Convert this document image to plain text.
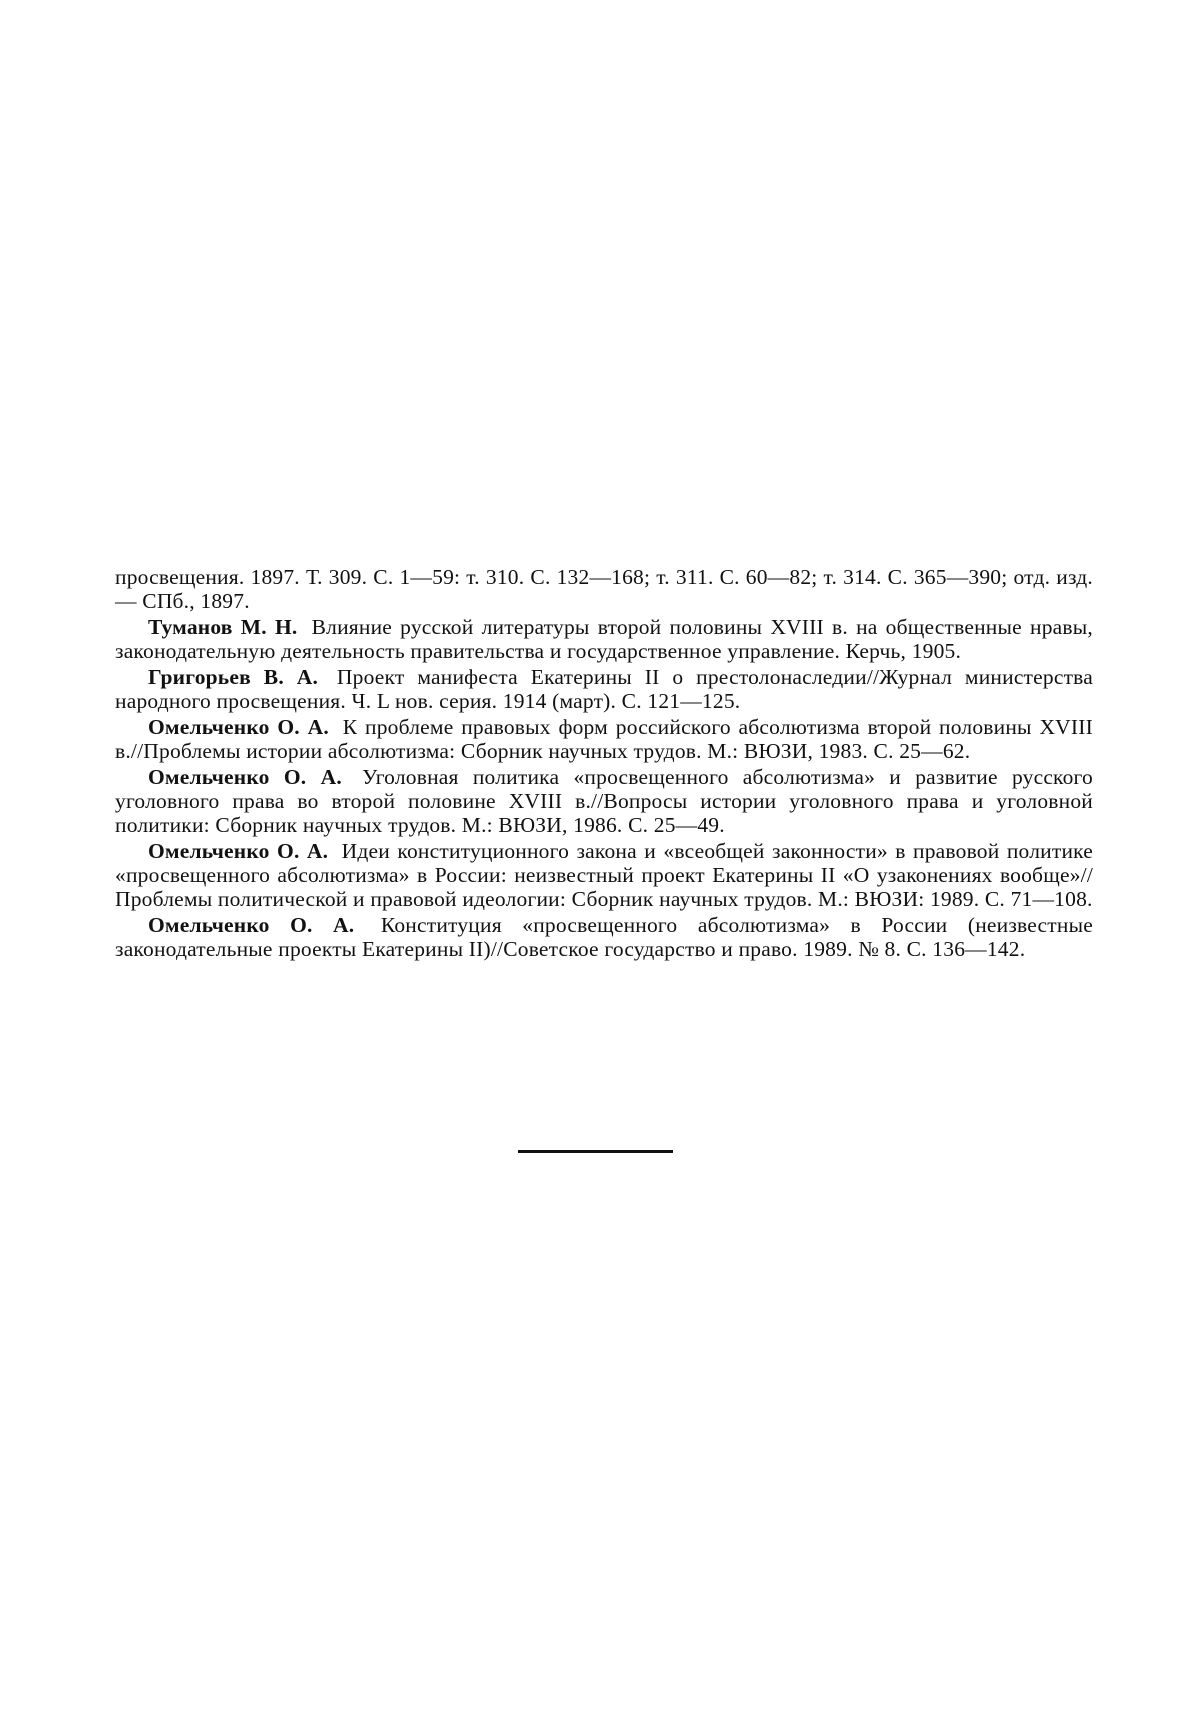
просвещения. 1897. Т. 309. С. 1—59: т. 310. С. 132—168; т. 311. С. 60—82; т. 314. С. 365—390; отд. изд. — СПб., 1897.

Туманов М. Н. Влияние русской литературы второй половины XVIII в. на общественные нравы, законодательную деятельность правительства и государственное управление. Керчь, 1905.

Григорьев В. А. Проект манифеста Екатерины II о престолонаследии//Журнал министерства народного просвещения. Ч. L нов. серия. 1914 (март). С. 121—125.

Омельченко О. А. К проблеме правовых форм российского абсолютизма второй половины XVIII в.//Проблемы истории абсолютизма: Сборник научных трудов. М.: ВЮЗИ, 1983. С. 25—62.

Омельченко О. А. Уголовная политика «просвещенного абсолютизма» и развитие русского уголовного права во второй половине XVIII в.//Вопросы истории уголовного права и уголовной политики: Сборник научных трудов. М.: ВЮЗИ, 1986. С. 25—49.

Омельченко О. А. Идеи конституционного закона и «всеобщей законности» в правовой политике «просвещенного абсолютизма» в России: неизвестный проект Екатерины II «О узаконениях вообще»//Проблемы политической и правовой идеологии: Сборник научных трудов. М.: ВЮЗИ: 1989. С. 71—108.

Омельченко О. А. Конституция «просвещенного абсолютизма» в России (неизвестные законодательные проекты Екатерины II)//Советское государство и право. 1989. № 8. С. 136—142.
